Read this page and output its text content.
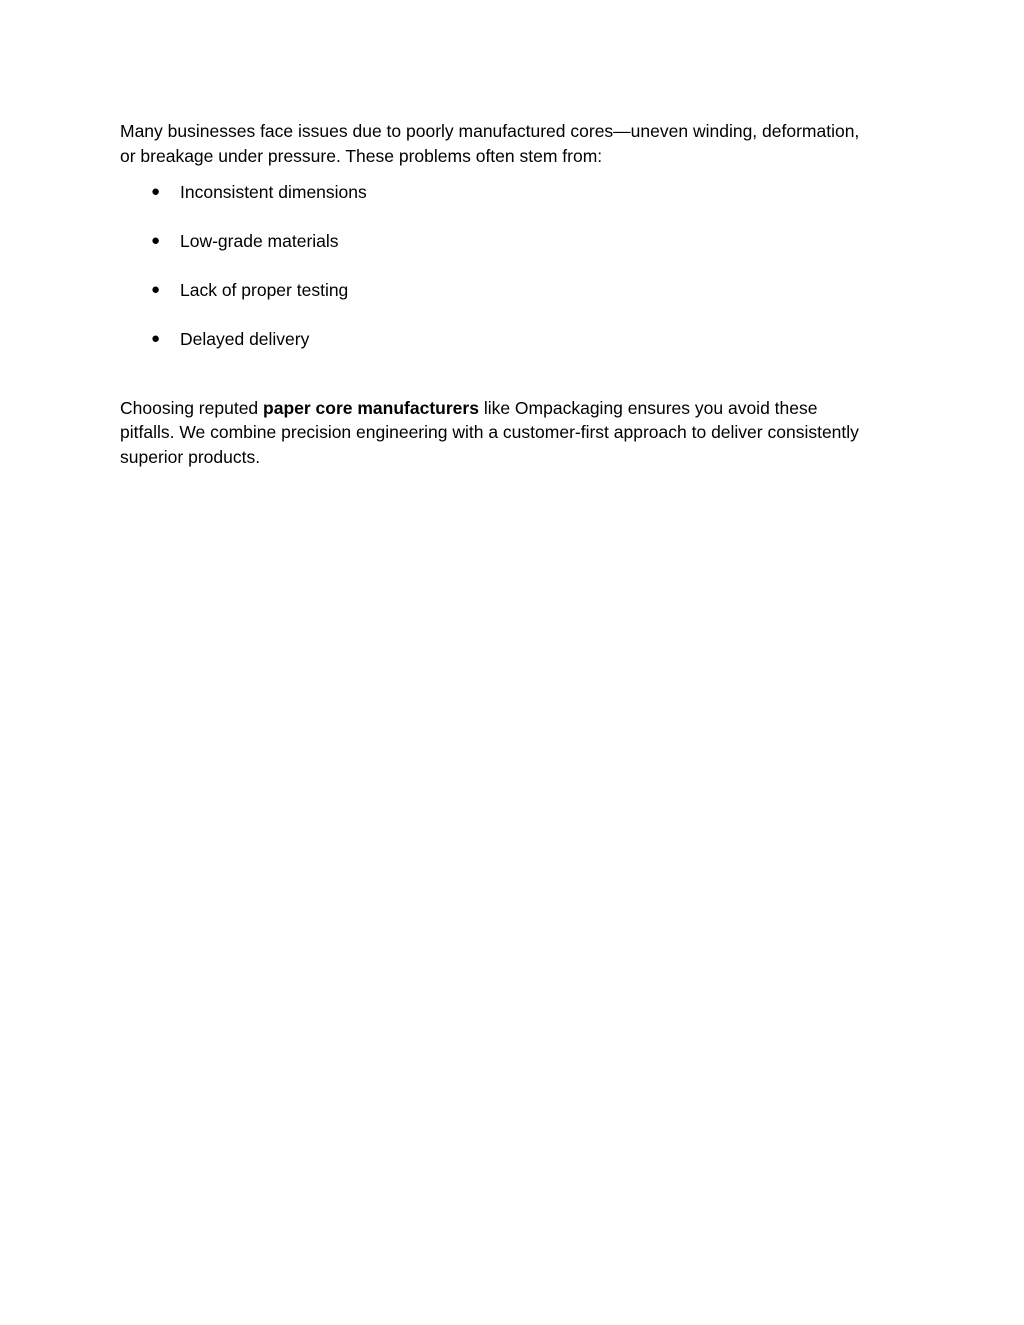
Many businesses face issues due to poorly manufactured cores—uneven winding, deformation,
or breakage under pressure. These problems often stem from:

● Inconsistent dimensions
● Low-grade materials
● Lack of proper testing
● Delayed delivery

Choosing reputed paper core manufacturers like Ompackaging ensures you avoid these
pitfalls. We combine precision engineering with a customer-first approach to deliver consistently
superior products.
